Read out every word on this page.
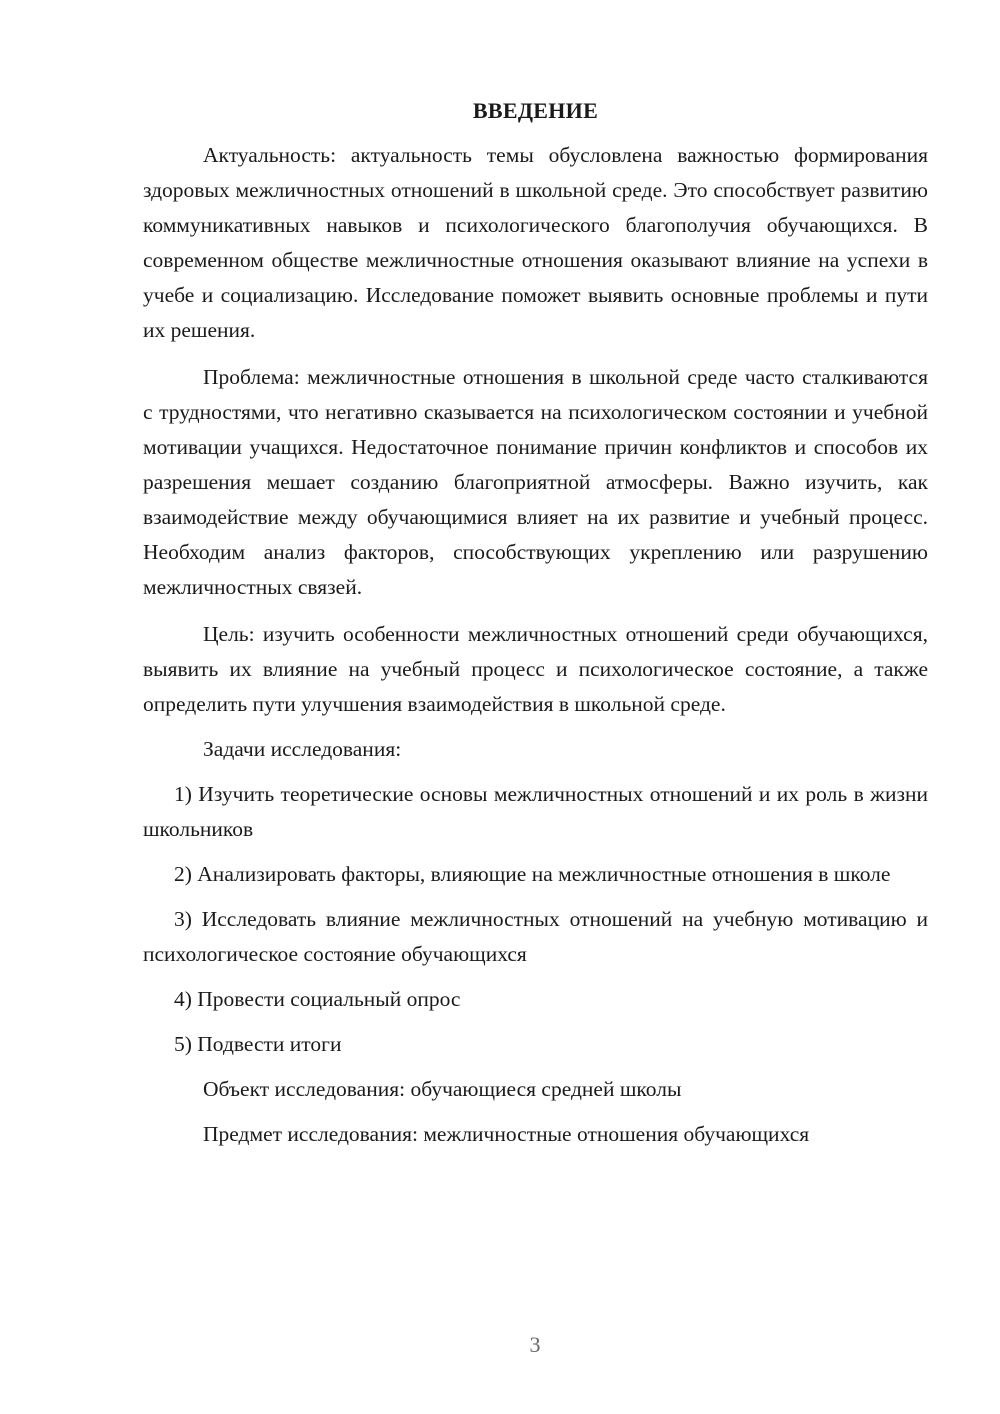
ВВЕДЕНИЕ

Актуальность: актуальность темы обусловлена важностью формирования здоровых межличностных отношений в школьной среде. Это способствует развитию коммуникативных навыков и психологического благополучия обучающихся. В современном обществе межличностные отношения оказывают влияние на успехи в учебе и социализацию. Исследование поможет выявить основные проблемы и пути их решения.

Проблема: межличностные отношения в школьной среде часто сталкиваются с трудностями, что негативно сказывается на психологическом состоянии и учебной мотивации учащихся. Недостаточное понимание причин конфликтов и способов их разрешения мешает созданию благоприятной атмосферы. Важно изучить, как взаимодействие между обучающимися влияет на их развитие и учебный процесс. Необходим анализ факторов, способствующих укреплению или разрушению межличностных связей.

Цель: изучить особенности межличностных отношений среди обучающихся, выявить их влияние на учебный процесс и психологическое состояние, а также определить пути улучшения взаимодействия в школьной среде.

Задачи исследования:

1) Изучить теоретические основы межличностных отношений и их роль в жизни школьников

2) Анализировать факторы, влияющие на межличностные отношения в школе

3) Исследовать влияние межличностных отношений на учебную мотивацию и психологическое состояние обучающихся

4) Провести социальный опрос

5) Подвести итоги

Объект исследования: обучающиеся средней школы

Предмет исследования: межличностные отношения обучающихся

3
